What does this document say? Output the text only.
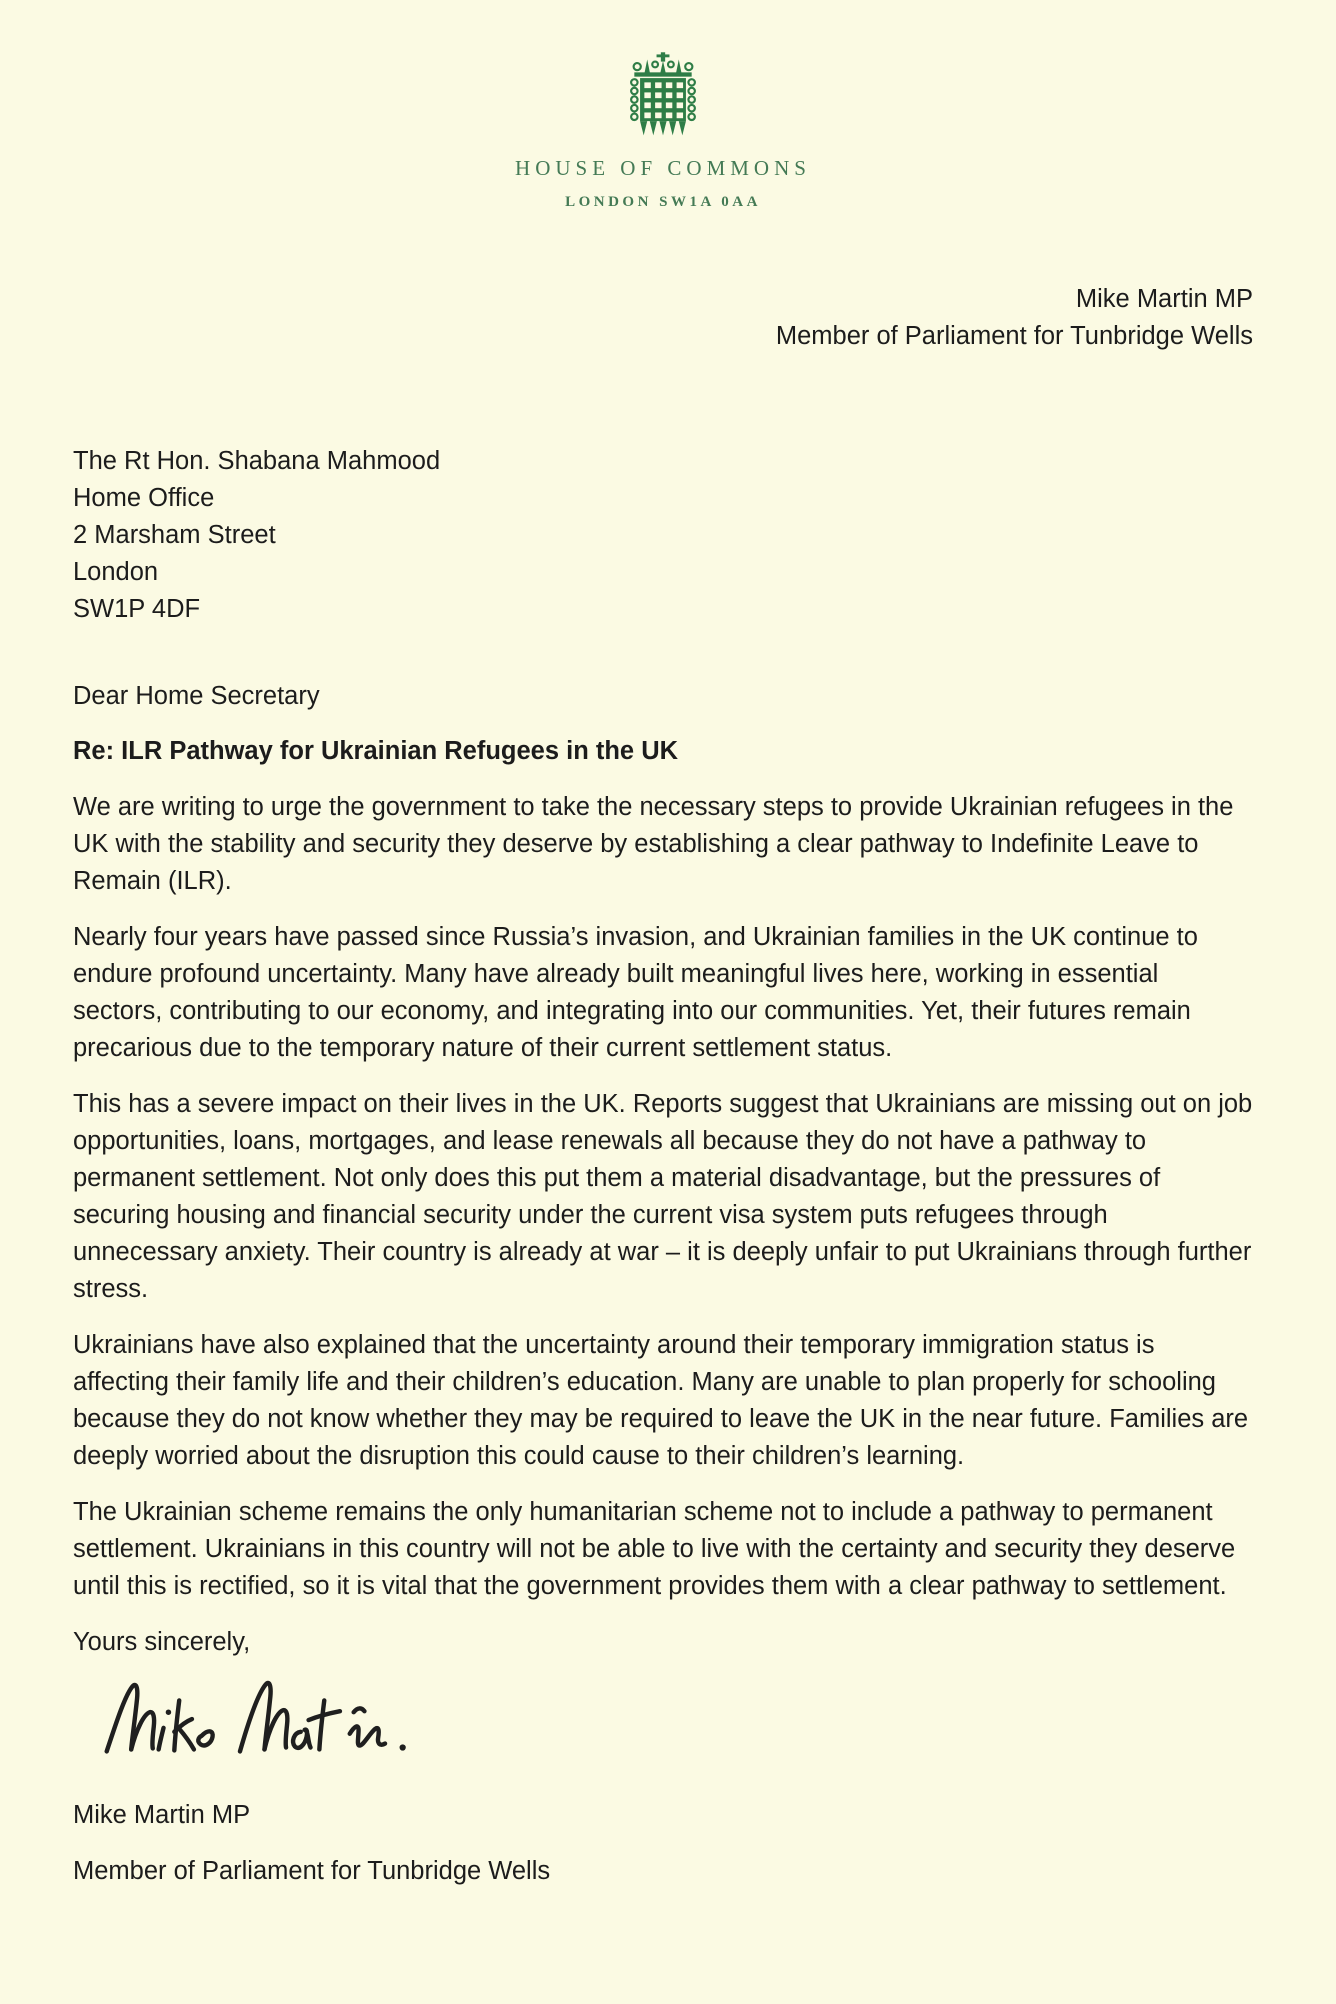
HOUSE OF COMMONS
LONDON SW1A 0AA
Mike Martin MP
Member of Parliament for Tunbridge Wells
The Rt Hon. Shabana Mahmood
Home Office
2 Marsham Street
London
SW1P 4DF
Dear Home Secretary
Re: ILR Pathway for Ukrainian Refugees in the UK

We are writing to urge the government to take the necessary steps to provide Ukrainian refugees in the UK with the stability and security they deserve by establishing a clear pathway to Indefinite Leave to Remain (ILR).

Nearly four years have passed since Russia’s invasion, and Ukrainian families in the UK continue to endure profound uncertainty. Many have already built meaningful lives here, working in essential sectors, contributing to our economy, and integrating into our communities. Yet, their futures remain precarious due to the temporary nature of their current settlement status.

This has a severe impact on their lives in the UK. Reports suggest that Ukrainians are missing out on job opportunities, loans, mortgages, and lease renewals all because they do not have a pathway to permanent settlement. Not only does this put them a material disadvantage, but the pressures of securing housing and financial security under the current visa system puts refugees through unnecessary anxiety. Their country is already at war – it is deeply unfair to put Ukrainians through further stress.

Ukrainians have also explained that the uncertainty around their temporary immigration status is affecting their family life and their children’s education. Many are unable to plan properly for schooling because they do not know whether they may be required to leave the UK in the near future. Families are deeply worried about the disruption this could cause to their children’s learning.

The Ukrainian scheme remains the only humanitarian scheme not to include a pathway to permanent settlement. Ukrainians in this country will not be able to live with the certainty and security they deserve until this is rectified, so it is vital that the government provides them with a clear pathway to settlement.

Yours sincerely,
Mike Martin MP
Member of Parliament for Tunbridge Wells
